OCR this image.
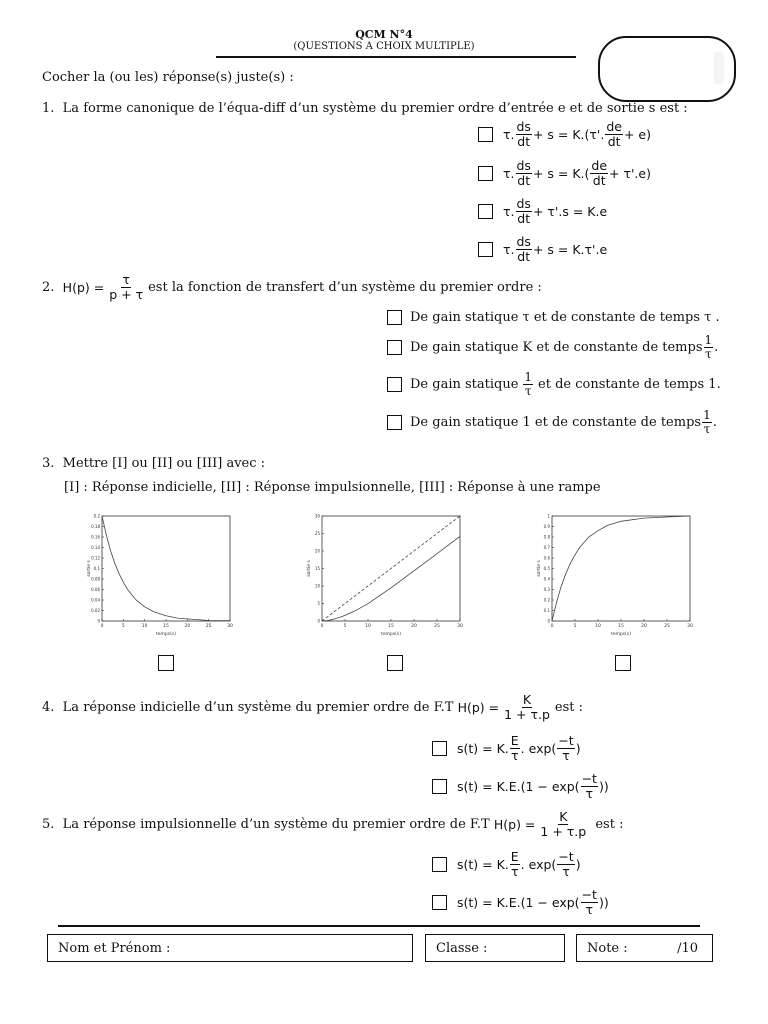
QCM N°4
(QUESTIONS A CHOIX MULTIPLE)
Cocher la (ou les) réponse(s) juste(s) :
1. La forme canonique de l’équa-diff d’un système du premier ordre d’entrée e et de sortie s est :
τ. $\frac{ds}{dt} + s = K.(\tau'$. $\frac{de}{dt} + e$)
τ. $\frac{ds}{dt} + s = K.( \frac{de}{dt} + \tau'.e)$
τ. $\frac{ds}{dt} + \tau'.s = K.e$
τ. $\frac{ds}{dt} + s = K.\tau'.e$
2.
$H(p) = \frac{\tau}{p + \tau}$ est la fonction de transfert d’un système du premier ordre :
De gain statique τ et de constante de temps τ .
De gain statique K et de constante de temps $\frac{1}{\tau}$ .
De gain statique $\frac{1}{\tau}$ et de constante de temps 1.
De gain statique 1 et de constante de temps $\frac{1}{\tau}$ .
3. Mettre [I] ou [II] ou [III] avec :
[I] : Réponse indicielle, [II] : Réponse impulsionnelle, [III] : Réponse à une rampe
0	5	10	15	20	25	30
0
0.02
0.04
0.06
0.08
0.1
0.12
0.14
0.16
0.18
0.2
temps(s)
sortie s
0	5	10	15	20	25	30
0
5
10
15
20
25
30
temps(s)
sortie s
0	5	10	15	20	25	30
0
0.1
0.2
0.3
0.4
0.5
0.6
0.7
0.8
0.9
1
temps(s)
sortie s
4.
La réponse indicielle d’un système du premier ordre de F.T
$H(p) = \frac{K}{1 + \tau.p}$ est :
s(t) = K. $\frac{E}{\tau}$ . $\exp( \frac{-t}{\tau}$ )
$s(t) = K.E.(1 - \exp( \frac{-t}{\tau}$ ))
5.
La réponse impulsionnelle d’un système du premier ordre de F.T
$H(p) = \frac{K}{1 + \tau.p}$
est :
s(t) = K. $\frac{E}{\tau}$ . $\exp( \frac{-t}{\tau}$ )
$s(t) = K.E.(1 - \exp( \frac{-t}{\tau}$ ))
Nom et Prénom :	Classe :	Note :	/10
